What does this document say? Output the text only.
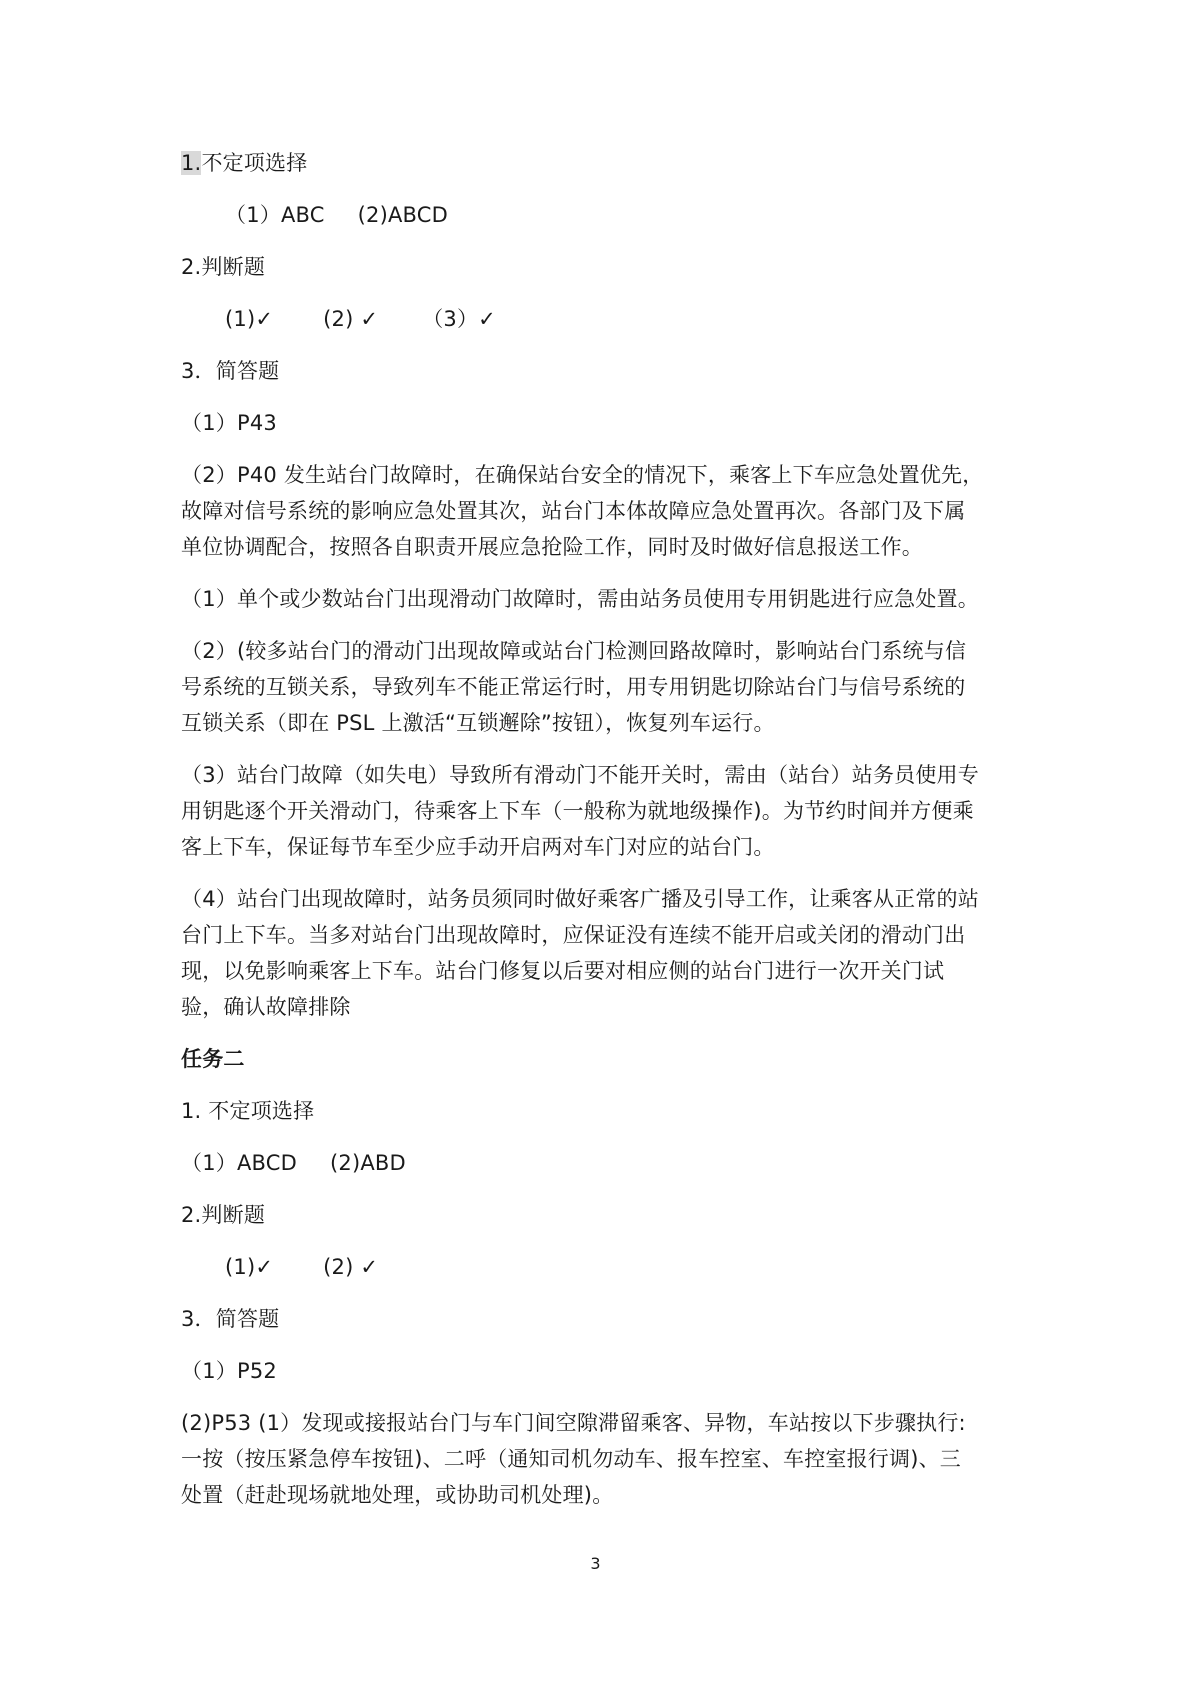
1.不定项选择
（1）ABC (2)ABCD
2.判断题
(1)✓ (2) ✓ （3）✓
3．简答题
（1）P43
（2）P40 发生站台门故障时，在确保站台安全的情况下，乘客上下车应急处置优先，
故障对信号系统的影响应急处置其次，站台门本体故障应急处置再次。各部门及下属
单位协调配合，按照各自职责开展应急抢险工作，同时及时做好信息报送工作。
（1）单个或少数站台门出现滑动门故障时，需由站务员使用专用钥匙进行应急处置。
（2）(较多站台门的滑动门出现故障或站台门检测回路故障时，影响站台门系统与信
号系统的互锁关系，导致列车不能正常运行时，用专用钥匙切除站台门与信号系统的
互锁关系（即在 PSL 上激活“互锁邂除”按钮），恢复列车运行。
（3）站台门故障（如失电）导致所有滑动门不能开关时，需由（站台）站务员使用专
用钥匙逐个开关滑动门，待乘客上下车（一般称为就地级操作)。为节约时间并方便乘
客上下车，保证每节车至少应手动开启两对车门对应的站台门。
（4）站台门出现故障时，站务员须同时做好乘客广播及引导工作，让乘客从正常的站
台门上下车。当多对站台门出现故障时，应保证没有连续不能开启或关闭的滑动门出
现，以免影响乘客上下车。站台门修复以后要对相应侧的站台门进行一次开关门试
验，确认故障排除
任务二
1. 不定项选择
（1）ABCD (2)ABD
2.判断题
(1)✓ (2) ✓
3．简答题
（1）P52
(2)P53 (1）发现或接报站台门与车门间空隙滞留乘客、异物，车站按以下步骤执行:
一按（按压紧急停车按钮)、二呼（通知司机勿动车、报车控室、车控室报行调)、三
处置（赶赴现场就地处理，或协助司机处理)。
3
